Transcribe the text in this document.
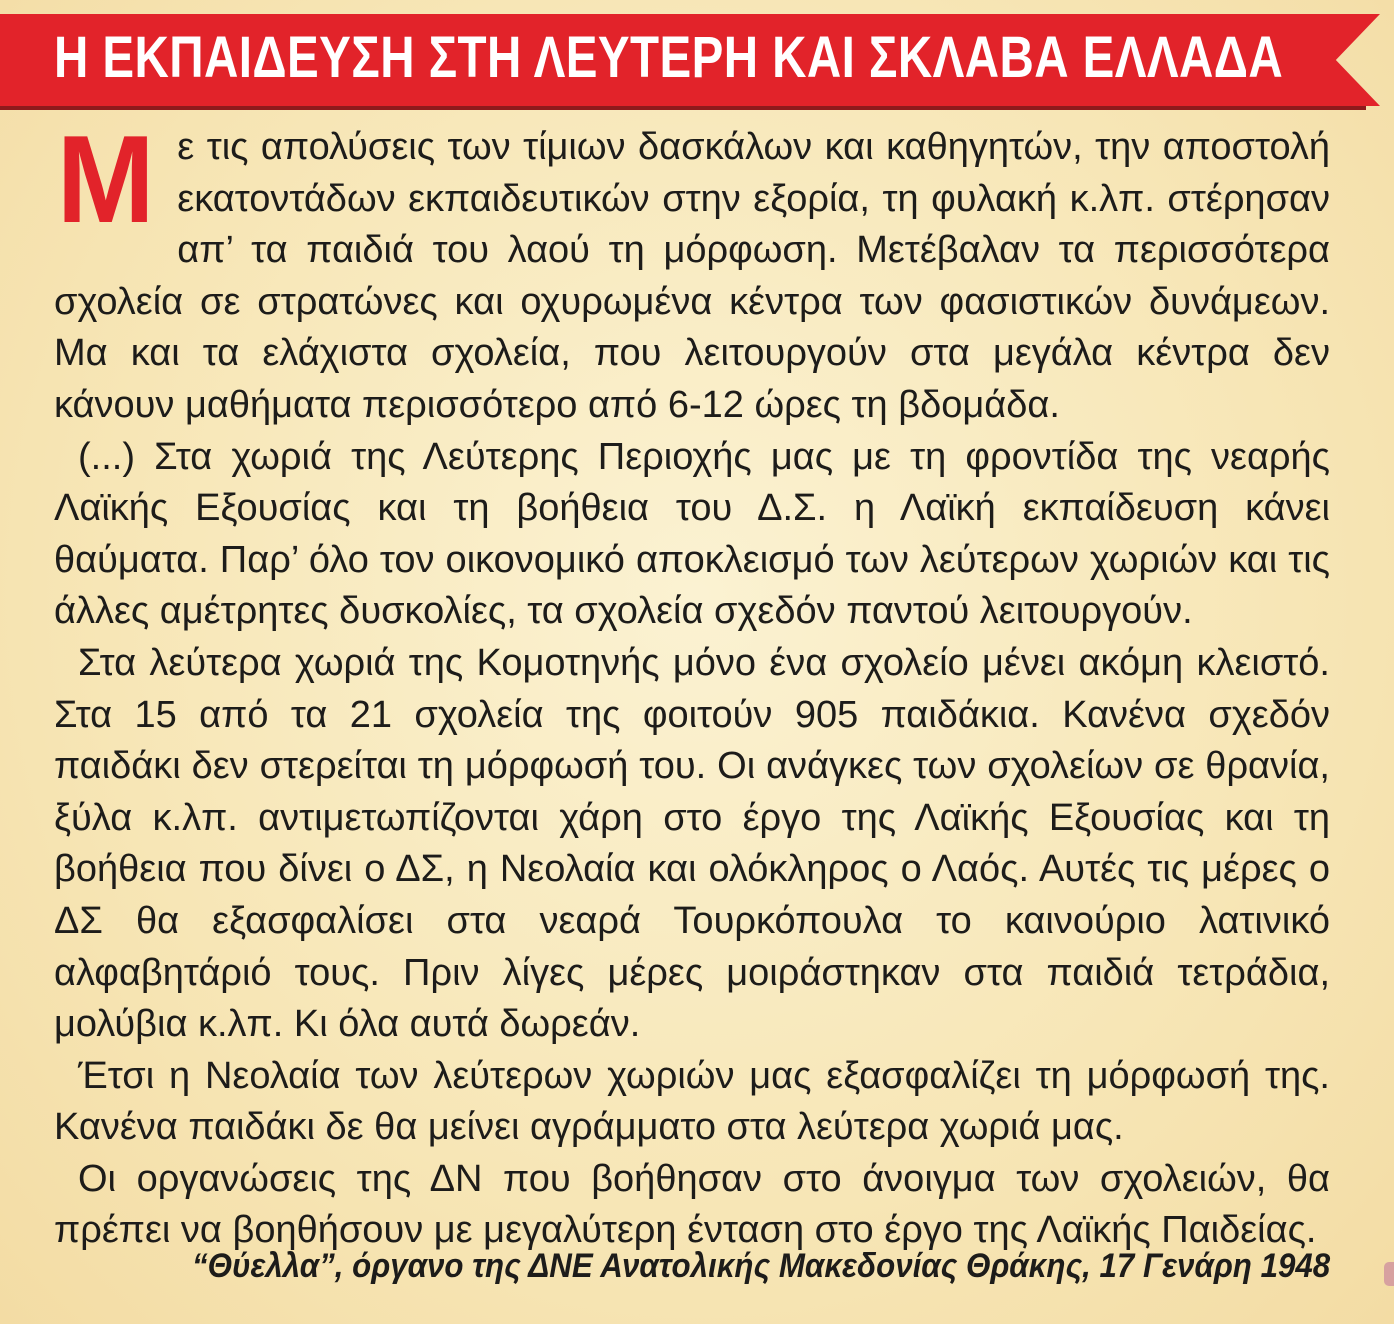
Η ΕΚΠΑΙΔΕΥΣΗ ΣΤΗ ΛΕΥΤΕΡΗ ΚΑΙ ΣΚΛΑΒΑ ΕΛΛΑΔΑ

Με τις απολύσεις των τίμιων δασκάλων και καθηγητών, την αποστολή εκατοντάδων εκπαιδευτικών στην εξορία, τη φυλακή κ.λπ. στέρησαν απ’ τα παιδιά του λαού τη μόρφωση. Μετέβαλαν τα περισσότερα σχολεία σε στρατώνες και οχυρωμένα κέντρα των φασιστικών δυνάμεων. Μα και τα ελάχιστα σχολεία, που λειτουργούν στα μεγάλα κέντρα δεν κάνουν μαθήματα περισσότερο από 6-12 ώρες τη βδομάδα.

(...) Στα χωριά της Λεύτερης Περιοχής μας με τη φροντίδα της νεαρής Λαϊκής Εξουσίας και τη βοήθεια του Δ.Σ. η Λαϊκή εκπαίδευση κάνει θαύματα. Παρ’ όλο τον οικονομικό αποκλεισμό των λεύτερων χωριών και τις άλλες αμέτρητες δυσκολίες, τα σχολεία σχεδόν παντού λειτουργούν.

Στα λεύτερα χωριά της Κομοτηνής μόνο ένα σχολείο μένει ακόμη κλειστό. Στα 15 από τα 21 σχολεία της φοιτούν 905 παιδάκια. Κανένα σχεδόν παιδάκι δεν στερείται τη μόρφωσή του. Οι ανάγκες των σχολείων σε θρανία, ξύλα κ.λπ. αντιμετωπίζονται χάρη στο έργο της Λαϊκής Εξουσίας και τη βοήθεια που δίνει ο ΔΣ, η Νεολαία και ολόκληρος ο Λαός. Αυτές τις μέρες ο ΔΣ θα εξασφαλίσει στα νεαρά Τουρκόπουλα το καινούριο λατινικό αλφαβητάριό τους. Πριν λίγες μέρες μοιράστηκαν στα παιδιά τετράδια, μολύβια κ.λπ. Κι όλα αυτά δωρεάν.

Έτσι η Νεολαία των λεύτερων χωριών μας εξασφαλίζει τη μόρφωσή της. Κανένα παιδάκι δε θα μείνει αγράμματο στα λεύτερα χωριά μας.

Οι οργανώσεις της ΔΝ που βοήθησαν στο άνοιγμα των σχολειών, θα πρέπει να βοηθήσουν με μεγαλύτερη ένταση στο έργο της Λαϊκής Παιδείας.

“Θύελλα”, όργανο της ΔΝΕ Ανατολικής Μακεδονίας Θράκης, 17 Γενάρη 1948
